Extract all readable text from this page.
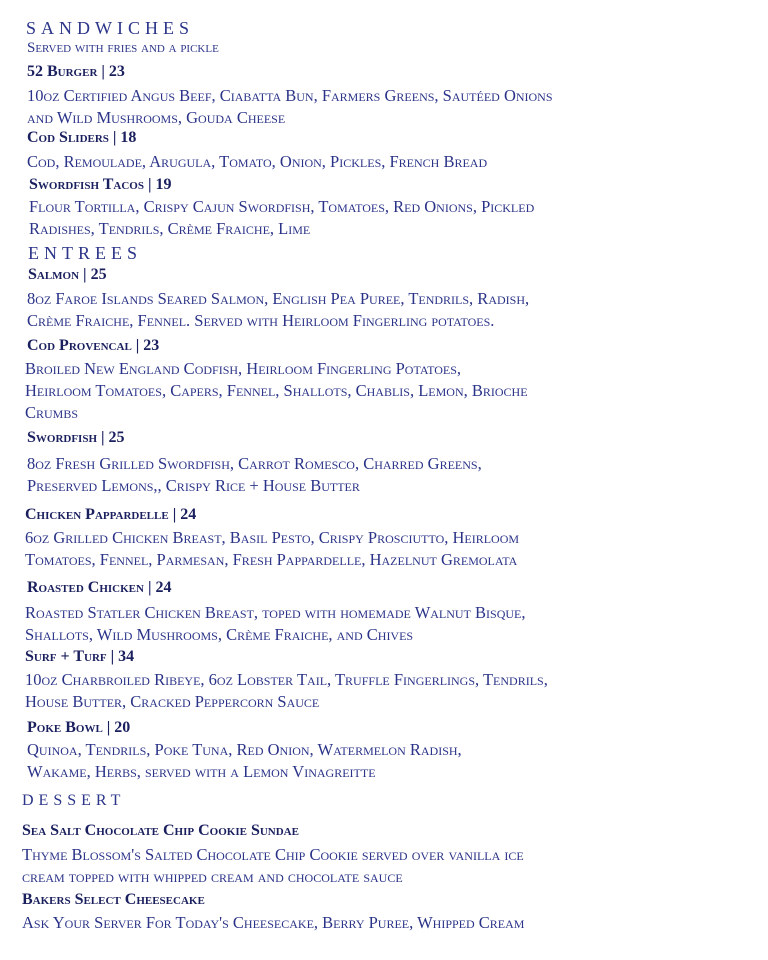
SANDWICHES
Served with fries and a pickle
52 Burger | 23
10oz Certified Angus Beef, Ciabatta Bun, Farmers Greens, Sautéed Onions
and Wild Mushrooms, Gouda Cheese
Cod Sliders | 18
Cod, Remoulade, Arugula, Tomato, Onion, Pickles, French Bread
Swordfish Tacos | 19
Flour Tortilla, Crispy Cajun Swordfish, Tomatoes, Red Onions, Pickled
Radishes, Tendrils, Crème Fraiche, Lime
ENTREES
Salmon | 25
8oz Faroe Islands Seared Salmon, English Pea Puree, Tendrils, Radish,
Crème Fraiche, Fennel. Served with Heirloom Fingerling potatoes.
Cod Provencal | 23
Broiled New England Codfish, Heirloom Fingerling Potatoes,
Heirloom Tomatoes, Capers, Fennel, Shallots, Chablis, Lemon, Brioche
Crumbs
Swordfish | 25
8oz Fresh Grilled Swordfish, Carrot Romesco, Charred Greens,
Preserved Lemons,, Crispy Rice + House Butter
Chicken Pappardelle | 24
6oz Grilled Chicken Breast, Basil Pesto, Crispy Prosciutto, Heirloom
Tomatoes, Fennel, Parmesan, Fresh Pappardelle, Hazelnut Gremolata
Roasted Chicken | 24
Roasted Statler Chicken Breast, toped with homemade Walnut Bisque,
Shallots, Wild Mushrooms, Crème Fraiche, and Chives
Surf + Turf | 34
10oz Charbroiled Ribeye, 6oz Lobster Tail, Truffle Fingerlings, Tendrils,
House Butter, Cracked Peppercorn Sauce
Poke Bowl | 20
Quinoa, Tendrils, Poke Tuna, Red Onion, Watermelon Radish,
Wakame, Herbs, served with a Lemon Vinagreitte
DESSERT
Sea Salt Chocolate Chip Cookie Sundae
Thyme Blossom's Salted Chocolate Chip Cookie served over vanilla ice
cream topped with whipped cream and chocolate sauce
Bakers Select Cheesecake
Ask Your Server For Today's Cheesecake, Berry Puree, Whipped Cream
